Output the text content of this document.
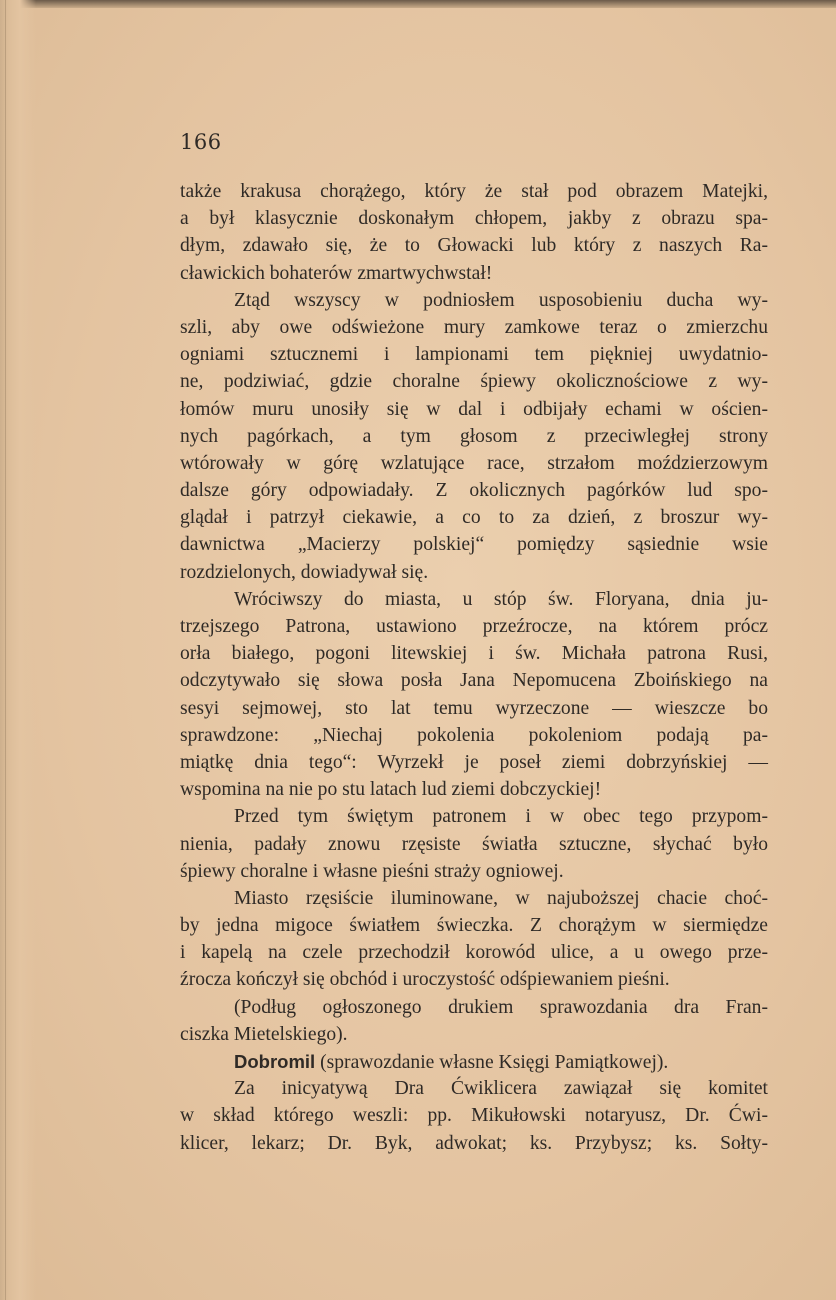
166
także krakusa chorążego, który że stał pod obrazem Matejki,
a był klasycznie doskonałym chłopem, jakby z obrazu spa-
dłym, zdawało się, że to Głowacki lub który z naszych Ra-
cławickich bohaterów zmartwychwstał!
Ztąd wszyscy w podniosłem usposobieniu ducha wy-
szli, aby owe odświeżone mury zamkowe teraz o zmierzchu
ogniami sztucznemi i lampionami tem piękniej uwydatnio-
ne, podziwiać, gdzie choralne śpiewy okolicznościowe z wy-
łomów muru unosiły się w dal i odbijały echami w ościen-
nych pagórkach, a tym głosom z przeciwległej strony
wtórowały w górę wzlatujące race, strzałom moździerzowym
dalsze góry odpowiadały. Z okolicznych pagórków lud spo-
glądał i patrzył ciekawie, a co to za dzień, z broszur wy-
dawnictwa „Macierzy polskiej“ pomiędzy sąsiednie wsie
rozdzielonych, dowiadywał się.
Wróciwszy do miasta, u stóp św. Floryana, dnia ju-
trzejszego Patrona, ustawiono przeźrocze, na którem prócz
orła białego, pogoni litewskiej i św. Michała patrona Rusi,
odczytywało się słowa posła Jana Nepomucena Zboińskiego na
sesyi sejmowej, sto lat temu wyrzeczone — wieszcze bo
sprawdzone: „Niechaj pokolenia pokoleniom podają pa-
miątkę dnia tego“: Wyrzekł je poseł ziemi dobrzyńskiej —
wspomina na nie po stu latach lud ziemi dobczyckiej!
Przed tym świętym patronem i w obec tego przypom-
nienia, padały znowu rzęsiste światła sztuczne, słychać było
śpiewy choralne i własne pieśni straży ogniowej.
Miasto rzęsiście iluminowane, w najuboższej chacie choć-
by jedna migoce światłem świeczka. Z chorążym w siermiędze
i kapelą na czele przechodził korowód ulice, a u owego prze-
źrocza kończył się obchód i uroczystość odśpiewaniem pieśni.
(Podług ogłoszonego drukiem sprawozdania dra Fran-
ciszka Mietelskiego).
Dobromil (sprawozdanie własne Księgi Pamiątkowej).
Za inicyatywą Dra Ćwiklicera zawiązał się komitet
w skład którego weszli: pp. Mikułowski notaryusz, Dr. Ćwi-
klicer, lekarz; Dr. Byk, adwokat; ks. Przybysz; ks. Sołty-
